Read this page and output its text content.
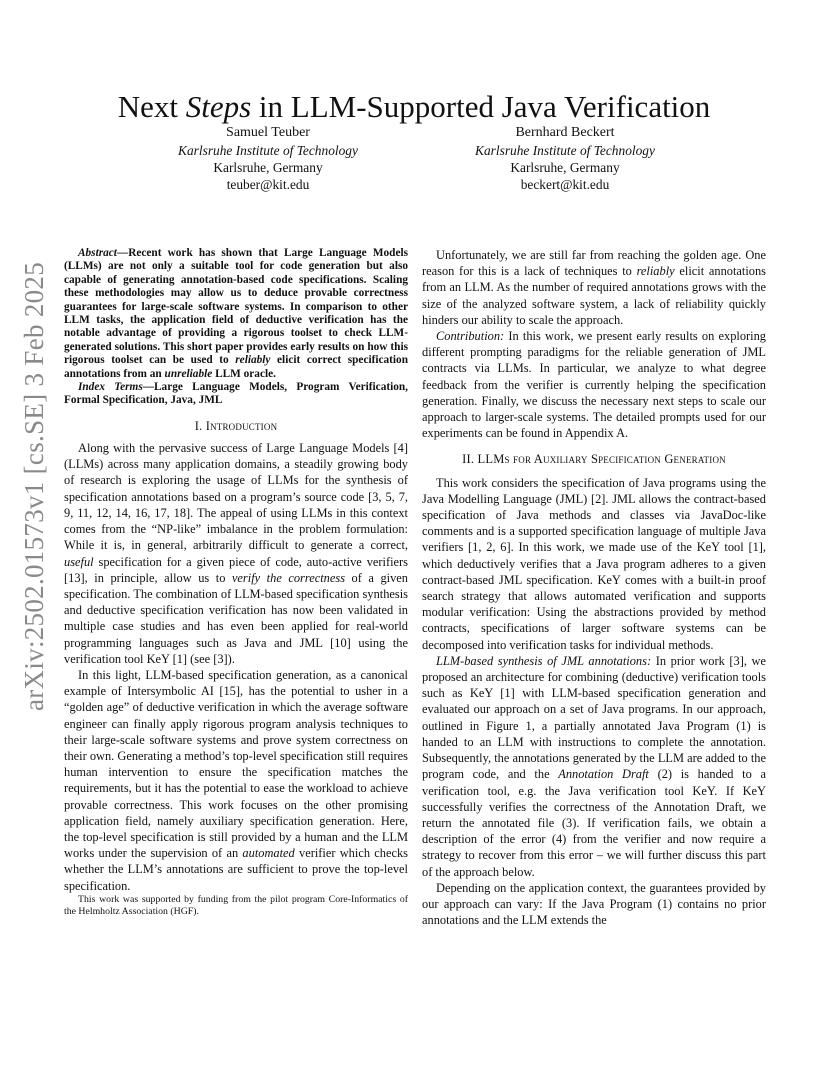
arXiv:2502.01573v1 [cs.SE] 3 Feb 2025
Next Steps in LLM-Supported Java Verification
Samuel Teuber
Karlsruhe Institute of Technology
Karlsruhe, Germany
teuber@kit.edu
Bernhard Beckert
Karlsruhe Institute of Technology
Karlsruhe, Germany
beckert@kit.edu

Abstract—Recent work has shown that Large Language Models (LLMs) are not only a suitable tool for code generation but also capable of generating annotation-based code specifications. Scaling these methodologies may allow us to deduce provable correctness guarantees for large-scale software systems. In comparison to other LLM tasks, the application field of deductive verification has the notable advantage of providing a rigorous toolset to check LLM-generated solutions. This short paper provides early results on how this rigorous toolset can be used to reliably elicit correct specification annotations from an unreliable LLM oracle.

Index Terms—Large Language Models, Program Verification, Formal Specification, Java, JML

I. Introduction

Along with the pervasive success of Large Language Models [4] (LLMs) across many application domains, a steadily growing body of research is exploring the usage of LLMs for the synthesis of specification annotations based on a program’s source code [3, 5, 7, 9, 11, 12, 14, 16, 17, 18]. The appeal of using LLMs in this context comes from the “NP-like” imbalance in the problem formulation: While it is, in general, arbitrarily difficult to generate a correct, useful specification for a given piece of code, auto-active verifiers [13], in principle, allow us to verify the correctness of a given specification. The combination of LLM-based specification synthesis and deductive specification verification has now been validated in multiple case studies and has even been applied for real-world programming languages such as Java and JML [10] using the verification tool KeY [1] (see [3]).

In this light, LLM-based specification generation, as a canonical example of Intersymbolic AI [15], has the potential to usher in a “golden age” of deductive verification in which the average software engineer can finally apply rigorous program analysis techniques to their large-scale software systems and prove system correctness on their own. Generating a method’s top-level specification still requires human intervention to ensure the specification matches the requirements, but it has the potential to ease the workload to achieve provable correctness. This work focuses on the other promising application field, namely auxiliary specification generation. Here, the top-level specification is still provided by a human and the LLM works under the supervision of an automated verifier which checks whether the LLM’s annotations are sufficient to prove the top-level specification.

This work was supported by funding from the pilot program Core-Informatics of the Helmholtz Association (HGF).

Unfortunately, we are still far from reaching the golden age. One reason for this is a lack of techniques to reliably elicit annotations from an LLM. As the number of required annotations grows with the size of the analyzed software system, a lack of reliability quickly hinders our ability to scale the approach.

Contribution: In this work, we present early results on exploring different prompting paradigms for the reliable generation of JML contracts via LLMs. In particular, we analyze to what degree feedback from the verifier is currently helping the specification generation. Finally, we discuss the necessary next steps to scale our approach to larger-scale systems. The detailed prompts used for our experiments can be found in Appendix A.

II. LLMs for Auxiliary Specification Generation

This work considers the specification of Java programs using the Java Modelling Language (JML) [2]. JML allows the contract-based specification of Java methods and classes via JavaDoc-like comments and is a supported specification language of multiple Java verifiers [1, 2, 6]. In this work, we made use of the KeY tool [1], which deductively verifies that a Java program adheres to a given contract-based JML specification. KeY comes with a built-in proof search strategy that allows automated verification and supports modular verification: Using the abstractions provided by method contracts, specifications of larger software systems can be decomposed into verification tasks for individual methods.

LLM-based synthesis of JML annotations: In prior work [3], we proposed an architecture for combining (deductive) verification tools such as KeY [1] with LLM-based specification generation and evaluated our approach on a set of Java programs. In our approach, outlined in Figure 1, a partially annotated Java Program (1) is handed to an LLM with instructions to complete the annotation. Subsequently, the annotations generated by the LLM are added to the program code, and the Annotation Draft (2) is handed to a verification tool, e.g. the Java verification tool KeY. If KeY successfully verifies the correctness of the Annotation Draft, we return the annotated file (3). If verification fails, we obtain a description of the error (4) from the verifier and now require a strategy to recover from this error – we will further discuss this part of the approach below.

Depending on the application context, the guarantees provided by our approach can vary: If the Java Program (1) contains no prior annotations and the LLM extends the
